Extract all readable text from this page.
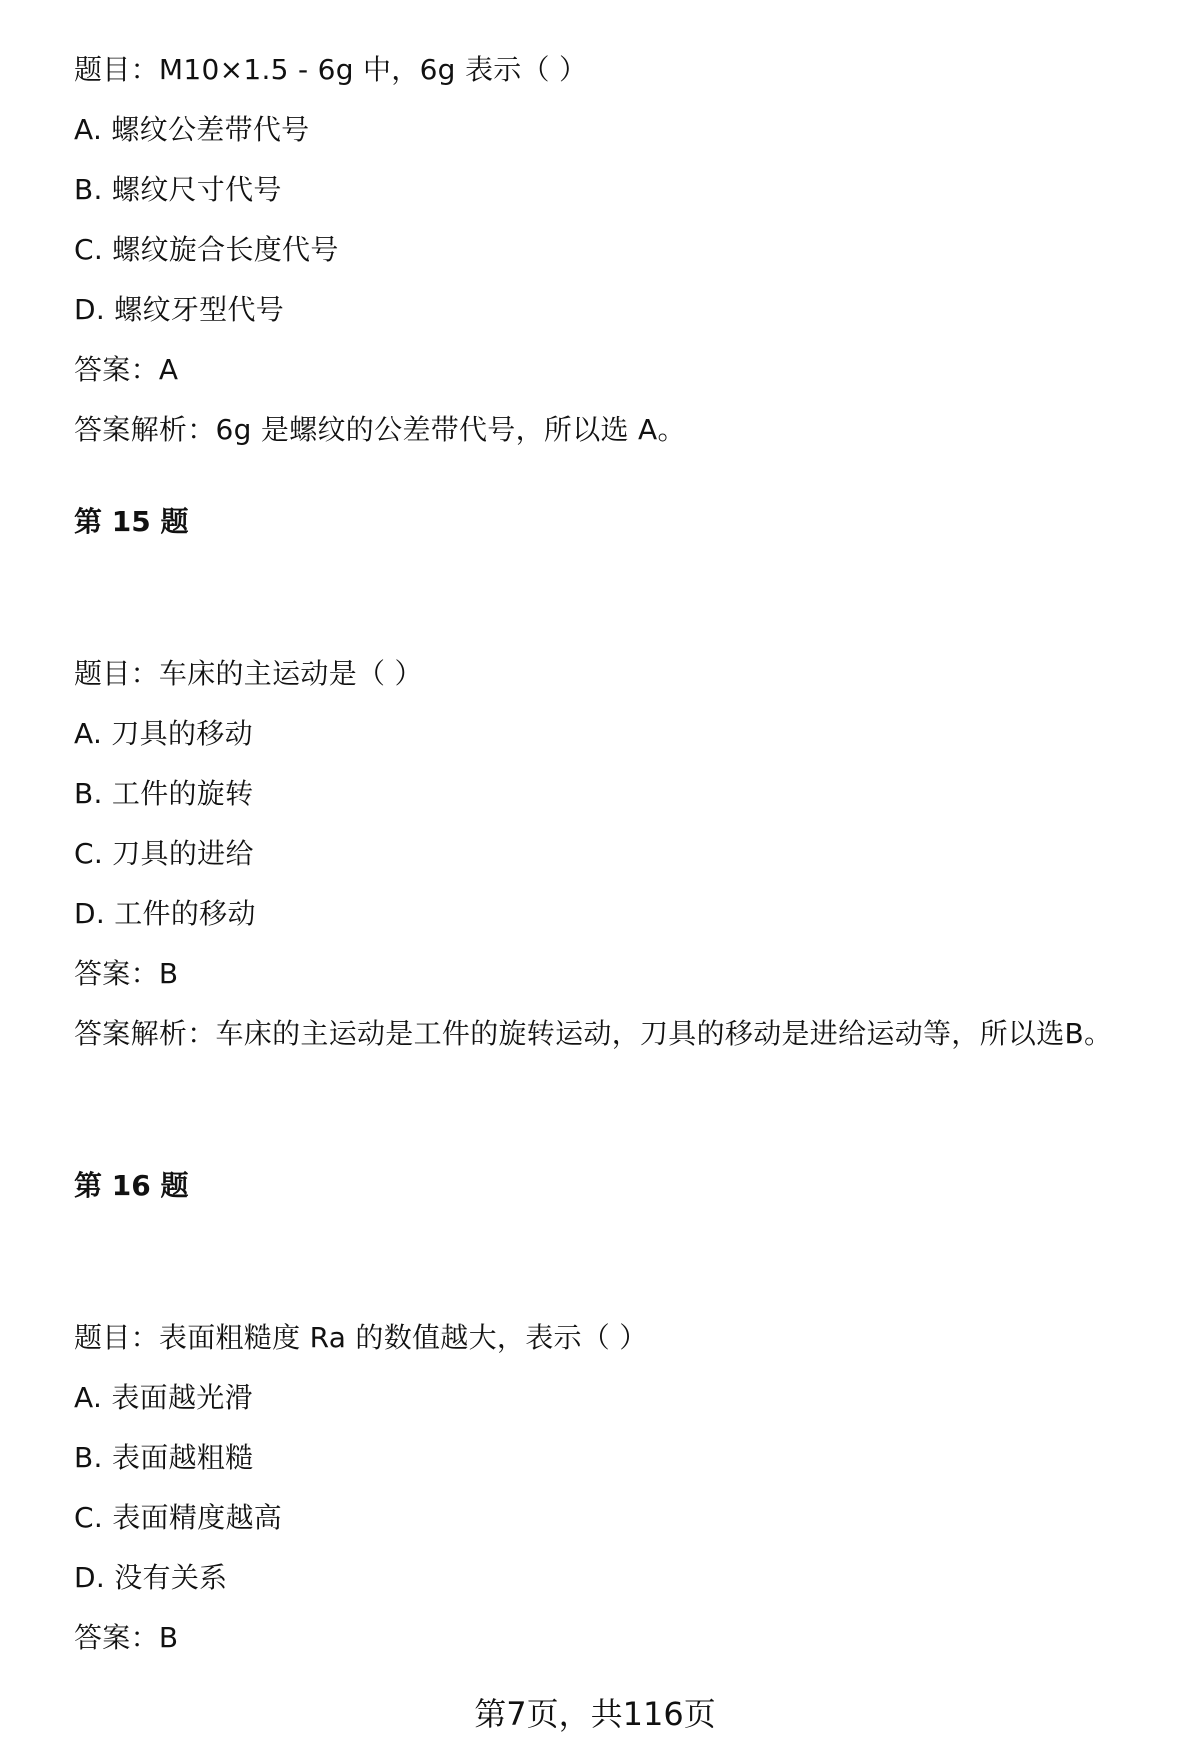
题目：M10×1.5 - 6g 中，6g 表示（ ）
A. 螺纹公差带代号
B. 螺纹尺寸代号
C. 螺纹旋合长度代号
D. 螺纹牙型代号
答案：A
答案解析：6g 是螺纹的公差带代号，所以选 A。
第 15 题
题目：车床的主运动是（ ）
A. 刀具的移动
B. 工件的旋转
C. 刀具的进给
D. 工件的移动
答案：B
答案解析：车床的主运动是工件的旋转运动，刀具的移动是进给运动等，所以选B。
第 16 题
题目：表面粗糙度 Ra 的数值越大，表示（ ）
A. 表面越光滑
B. 表面越粗糙
C. 表面精度越高
D. 没有关系
答案：B
第7页，共116页
